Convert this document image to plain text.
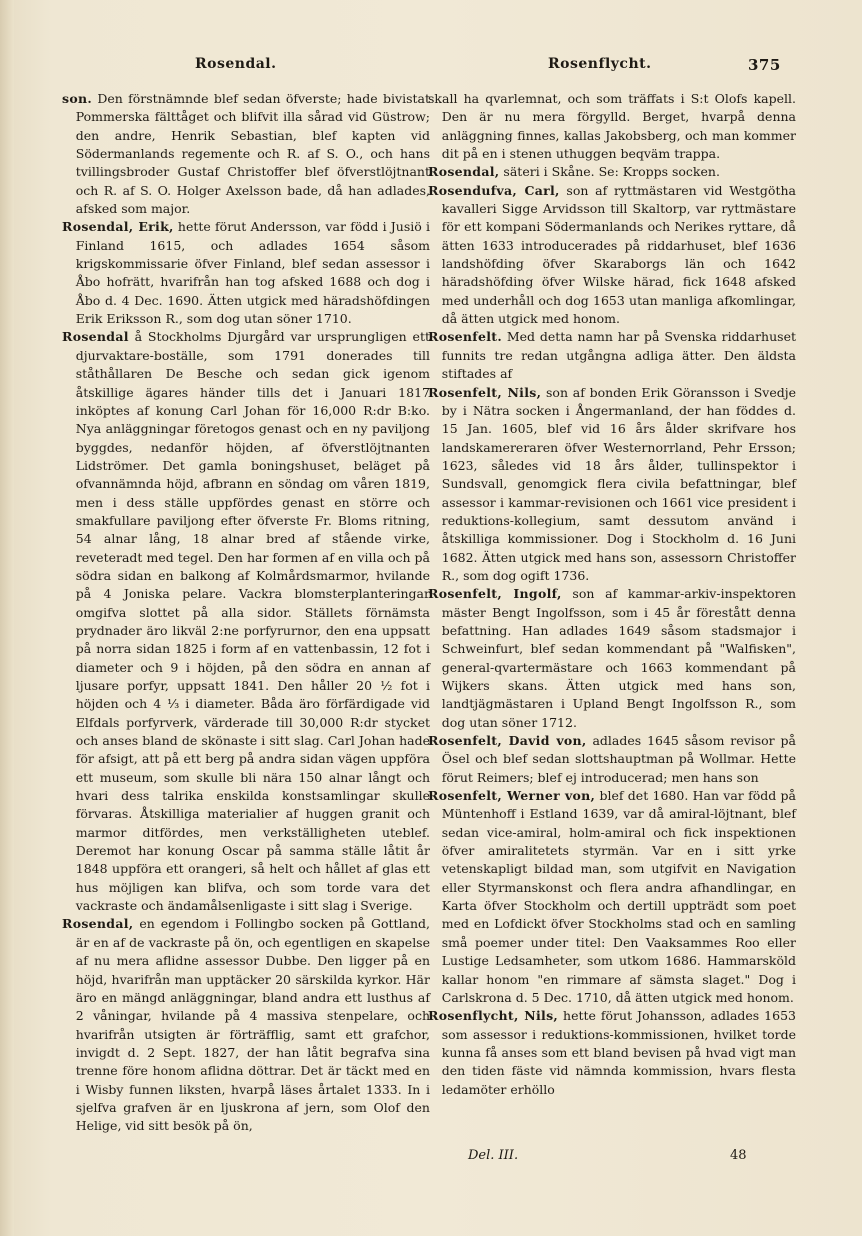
Rosendal.	Rosenflycht.	375

son. Den förstnämnde blef sedan öfverste; hade bivistat Pommerska fälttåget och blifvit illa sårad vid Güstrow; den andre, Henrik Sebastian, blef kapten vid Södermanlands regemente och R. af S. O., och hans tvillingsbroder Gustaf Christoffer blef öfverstlöjtnant och R. af S. O. Holger Axelsson bade, då han adlades, afsked som major.

Rosendal, Erik, hette förut Andersson, var född i Jusiö i Finland 1615, och adlades 1654 såsom krigskommissarie öfver Finland, blef sedan assessor i Åbo hofrätt, hvarifrån han tog afsked 1688 och dog i Åbo d. 4 Dec. 1690. Ätten utgick med häradshöfdingen Erik Eriksson R., som dog utan söner 1710.

Rosendal å Stockholms Djurgård var ursprungligen ett djurvaktare-boställe, som 1791 donerades till ståthållaren De Besche och sedan gick igenom åtskillige ägares händer tills det i Januari 1817 inköptes af konung Carl Johan för 16,000 R:dr B:ko. Nya anläggningar företogos genast och en ny paviljong byggdes, nedanför höjden, af öfverstlöjtnanten Lidströmer. Det gamla boningshuset, beläget på ofvannämnda höjd, afbrann en söndag om våren 1819, men i dess ställe uppfördes genast en större och smakfullare paviljong efter öfverste Fr. Bloms ritning, 54 alnar lång, 18 alnar bred af stående virke, reveteradt med tegel. Den har formen af en villa och på södra sidan en balkong af Kolmårdsmarmor, hvilande på 4 Joniska pelare. Vackra blomsterplanteringar omgifva slottet på alla sidor. Ställets förnämsta prydnader äro likväl 2:ne porfyrurnor, den ena uppsatt på norra sidan 1825 i form af en vattenbassin, 12 fot i diameter och 9 i höjden, på den södra en annan af ljusare porfyr, uppsatt 1841. Den håller 20 ½ fot i höjden och 4 ⅓ i diameter. Båda äro förfärdigade vid Elfdals porfyrverk, värderade till 30,000 R:dr stycket och anses bland de skönaste i sitt slag. Carl Johan hade för afsigt, att på ett berg på andra sidan vägen uppföra ett museum, som skulle bli nära 150 alnar långt och hvari dess talrika enskilda konstsamlingar skulle förvaras. Åtskilliga materialier af huggen granit och marmor ditfördes, men verkställigheten uteblef. Deremot har konung Oscar på samma ställe låtit år 1848 uppföra ett orangeri, så helt och hållet af glas ett hus möjligen kan blifva, och som torde vara det vackraste och ändamålsenligaste i sitt slag i Sverige.

Rosendal, en egendom i Follingbo socken på Gottland, är en af de vackraste på ön, och egentligen en skapelse af nu mera aflidne assessor Dubbe. Den ligger på en höjd, hvarifrån man upptäcker 20 särskilda kyrkor. Här äro en mängd anläggningar, bland andra ett lusthus af 2 våningar, hvilande på 4 massiva stenpelare, och hvarifrån utsigten är förträfflig, samt ett grafchor, invigdt d. 2 Sept. 1827, der han låtit begrafva sina trenne före honom aflidna döttrar. Det är täckt med en i Wisby funnen liksten, hvarpå läses årtalet 1333. In i sjelfva grafven är en ljuskrona af jern, som Olof den Helige, vid sitt besök på ön,

skall ha qvarlemnat, och som träffats i S:t Olofs kapell. Den är nu mera förgylld. Berget, hvarpå denna anläggning finnes, kallas Jakobsberg, och man kommer dit på en i stenen uthuggen beqväm trappa.

Rosendal, säteri i Skåne. Se: Kropps socken.

Rosendufva, Carl, son af ryttmästaren vid Westgötha kavalleri Sigge Arvidsson till Skaltorp, var ryttmästare för ett kompani Södermanlands och Nerikes ryttare, då ätten 1633 introducerades på riddarhuset, blef 1636 landshöfding öfver Skaraborgs län och 1642 häradshöfding öfver Wilske härad, fick 1648 afsked med underhåll och dog 1653 utan manliga afkomlingar, då ätten utgick med honom.

Rosenfelt. Med detta namn har på Svenska riddarhuset funnits tre redan utgångna adliga ätter. Den äldsta stiftades af

Rosenfelt, Nils, son af bonden Erik Göransson i Svedje by i Nätra socken i Ångermanland, der han föddes d. 15 Jan. 1605, blef vid 16 års ålder skrifvare hos landskamereraren öfver Westernorrland, Pehr Ersson; 1623, således vid 18 års ålder, tullinspektor i Sundsvall, genomgick flera civila befattningar, blef assessor i kammar-revisionen och 1661 vice president i reduktions-kollegium, samt dessutom använd i åtskilliga kommissioner. Dog i Stockholm d. 16 Juni 1682. Ätten utgick med hans son, assessorn Christoffer R., som dog ogift 1736.

Rosenfelt, Ingolf, son af kammar-arkiv-inspektoren mäster Bengt Ingolfsson, som i 45 år förestått denna befattning. Han adlades 1649 såsom stadsmajor i Schweinfurt, blef sedan kommendant på "Walfisken", general-qvartermästare och 1663 kommendant på Wijkers skans. Ätten utgick med hans son, landtjägmästaren i Upland Bengt Ingolfsson R., som dog utan söner 1712.

Rosenfelt, David von, adlades 1645 såsom revisor på Ösel och blef sedan slottshauptman på Wollmar. Hette förut Reimers; blef ej introducerad; men hans son

Rosenfelt, Werner von, blef det 1680. Han var född på Müntenhoff i Estland 1639, var då amiral-löjtnant, blef sedan vice-amiral, holm-amiral och fick inspektionen öfver amiralitetets styrmän. Var en i sitt yrke vetenskapligt bildad man, som utgifvit en Navigation eller Styrmanskonst och flera andra afhandlingar, en Karta öfver Stockholm och dertill uppträdt som poet med en Lofdickt öfver Stockholms stad och en samling små poemer under titel: Den Vaaksammes Roo eller Lustige Ledsamheter, som utkom 1686. Hammarsköld kallar honom "en rimmare af sämsta slaget." Dog i Carlskrona d. 5 Dec. 1710, då ätten utgick med honom.

Rosenflycht, Nils, hette förut Johansson, adlades 1653 som assessor i reduktions-kommissionen, hvilket torde kunna få anses som ett bland bevisen på hvad vigt man den tiden fäste vid nämnda kommission, hvars flesta ledamöter erhöllo

Del. III.	48
